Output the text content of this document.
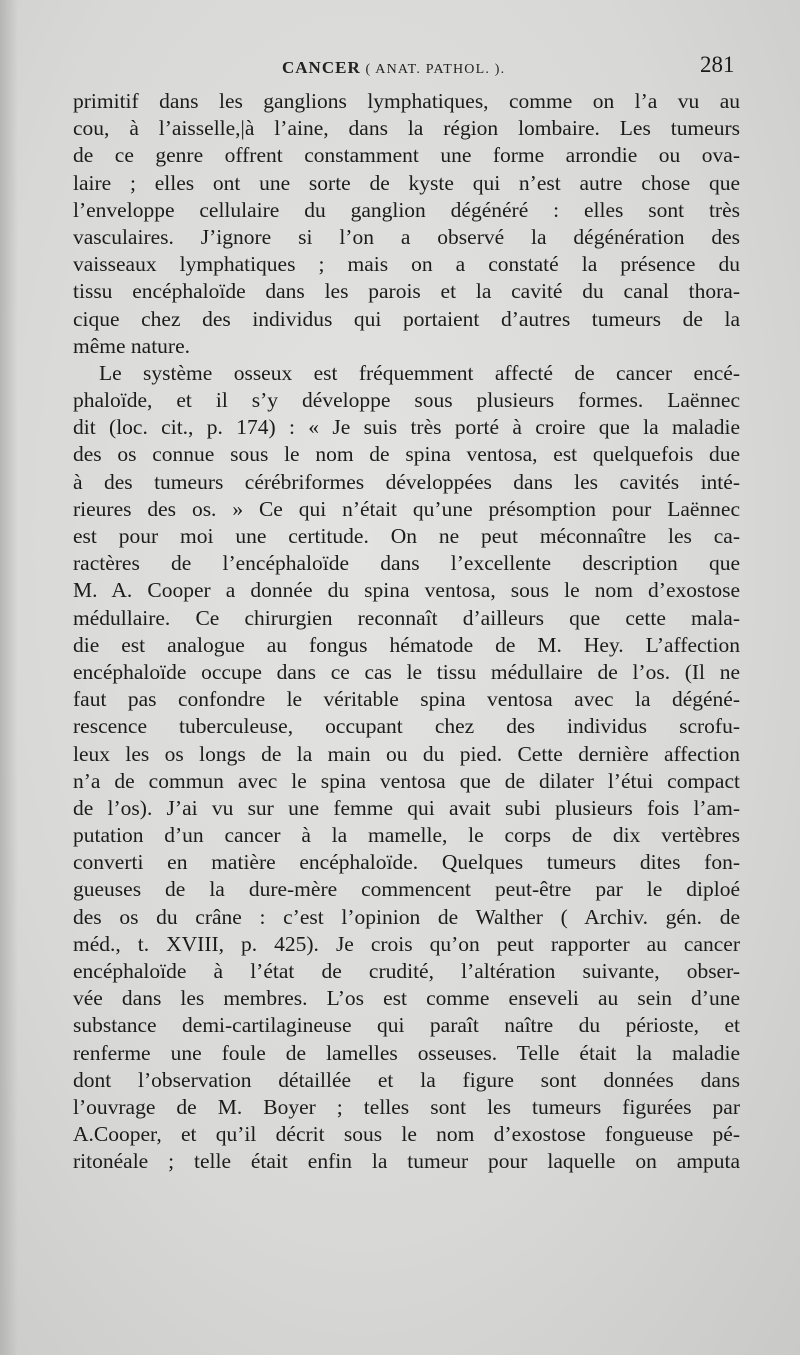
CANCER ( ANAT. PATHOL. ).	281
primitif dans les ganglions lymphatiques, comme on l’a vu au
cou, à l’aisselle,|à l’aine, dans la région lombaire. Les tumeurs
de ce genre offrent constamment une forme arrondie ou ova-
laire ; elles ont une sorte de kyste qui n’est autre chose que
l’enveloppe cellulaire du ganglion dégénéré : elles sont très
vasculaires. J’ignore si l’on a observé la dégénération des
vaisseaux lymphatiques ; mais on a constaté la présence du
tissu encéphaloïde dans les parois et la cavité du canal thora-
cique chez des individus qui portaient d’autres tumeurs de la
même nature.
Le système osseux est fréquemment affecté de cancer encé-
phaloïde, et il s’y développe sous plusieurs formes. Laënnec
dit (loc. cit., p. 174) : « Je suis très porté à croire que la maladie
des os connue sous le nom de spina ventosa, est quelquefois due
à des tumeurs cérébriformes développées dans les cavités inté-
rieures des os. » Ce qui n’était qu’une présomption pour Laënnec
est pour moi une certitude. On ne peut méconnaître les ca-
ractères de l’encéphaloïde dans l’excellente description que
M. A. Cooper a donnée du spina ventosa, sous le nom d’exostose
médullaire. Ce chirurgien reconnaît d’ailleurs que cette mala-
die est analogue au fongus hématode de M. Hey. L’affection
encéphaloïde occupe dans ce cas le tissu médullaire de l’os. (Il ne
faut pas confondre le véritable spina ventosa avec la dégéné-
rescence tuberculeuse, occupant chez des individus scrofu-
leux les os longs de la main ou du pied. Cette dernière affection
n’a de commun avec le spina ventosa que de dilater l’étui compact
de l’os). J’ai vu sur une femme qui avait subi plusieurs fois l’am-
putation d’un cancer à la mamelle, le corps de dix vertèbres
converti en matière encéphaloïde. Quelques tumeurs dites fon-
gueuses de la dure-mère commencent peut-être par le diploé
des os du crâne : c’est l’opinion de Walther ( Archiv. gén. de
méd., t. XVIII, p. 425). Je crois qu’on peut rapporter au cancer
encéphaloïde à l’état de crudité, l’altération suivante, obser-
vée dans les membres. L’os est comme enseveli au sein d’une
substance demi-cartilagineuse qui paraît naître du périoste, et
renferme une foule de lamelles osseuses. Telle était la maladie
dont l’observation détaillée et la figure sont données dans
l’ouvrage de M. Boyer ; telles sont les tumeurs figurées par
A.Cooper, et qu’il décrit sous le nom d’exostose fongueuse pé-
ritonéale ; telle était enfin la tumeur pour laquelle on amputa
